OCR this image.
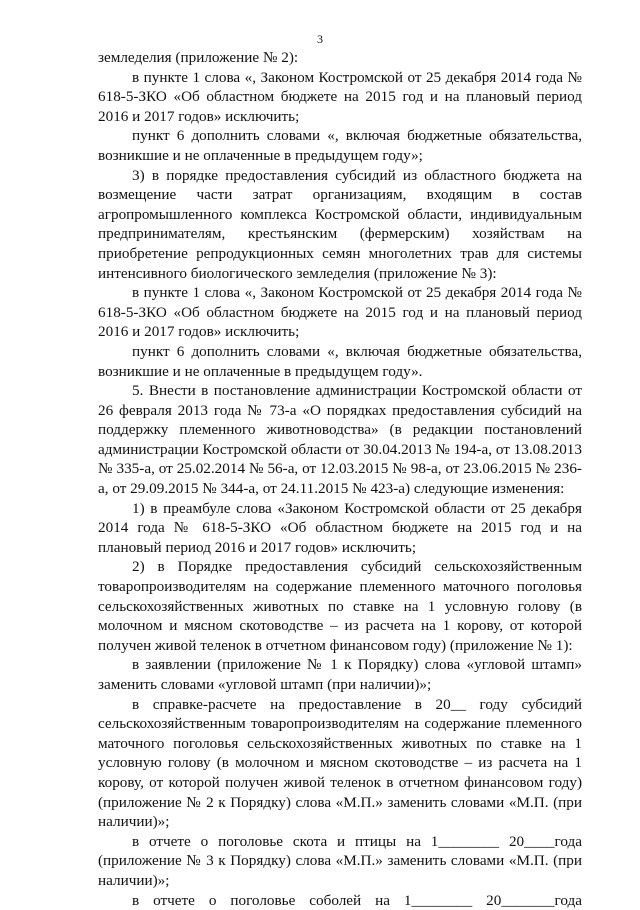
3

земледелия (приложение № 2):

в пункте 1 слова «, Законом Костромской от 25 декабря 2014 года № 618-5-ЗКО «Об областном бюджете на 2015 год и на плановый период 2016 и 2017 годов» исключить;

пункт 6 дополнить словами «, включая бюджетные обязательства, возникшие и не оплаченные в предыдущем году»;

3) в порядке предоставления субсидий из областного бюджета на возмещение части затрат организациям, входящим в состав агропромышленного комплекса Костромской области, индивидуальным предпринимателям, крестьянским (фермерским) хозяйствам на приобретение репродукционных семян многолетних трав для системы интенсивного биологического земледелия (приложение № 3):

в пункте 1 слова «, Законом Костромской от 25 декабря 2014 года № 618-5-ЗКО «Об областном бюджете на 2015 год и на плановый период 2016 и 2017 годов» исключить;

пункт 6 дополнить словами «, включая бюджетные обязательства, возникшие и не оплаченные в предыдущем году».

5. Внести в постановление администрации Костромской области от 26 февраля 2013 года № 73-а «О порядках предоставления субсидий на поддержку племенного животноводства» (в редакции постановлений администрации Костромской области от 30.04.2013 № 194-а, от 13.08.2013 № 335-а, от 25.02.2014 № 56-а, от 12.03.2015 № 98-а, от 23.06.2015 № 236-а, от 29.09.2015 № 344-а, от 24.11.2015 № 423-а) следующие изменения:

1) в преамбуле слова «Законом Костромской области от 25 декабря 2014 года № 618-5-ЗКО «Об областном бюджете на 2015 год и на плановый период 2016 и 2017 годов» исключить;

2) в Порядке предоставления субсидий сельскохозяйственным товаропроизводителям на содержание племенного маточного поголовья сельскохозяйственных животных по ставке на 1 условную голову (в молочном и мясном скотоводстве – из расчета на 1 корову, от которой получен живой теленок в отчетном финансовом году) (приложение № 1):

в заявлении (приложение № 1 к Порядку) слова «угловой штамп» заменить словами «угловой штамп (при наличии)»;

в справке-расчете на предоставление в 20__ году субсидий сельскохозяйственным товаропроизводителям на содержание племенного маточного поголовья сельскохозяйственных животных по ставке на 1 условную голову (в молочном и мясном скотоводстве – из расчета на 1 корову, от которой получен живой теленок в отчетном финансовом году) (приложение № 2 к Порядку) слова «М.П.» заменить словами «М.П. (при наличии)»;

в отчете о поголовье скота и птицы на 1________ 20____года (приложение № 3 к Порядку) слова «М.П.» заменить словами «М.П. (при наличии)»;

в отчете о поголовье соболей на 1________ 20_______года
